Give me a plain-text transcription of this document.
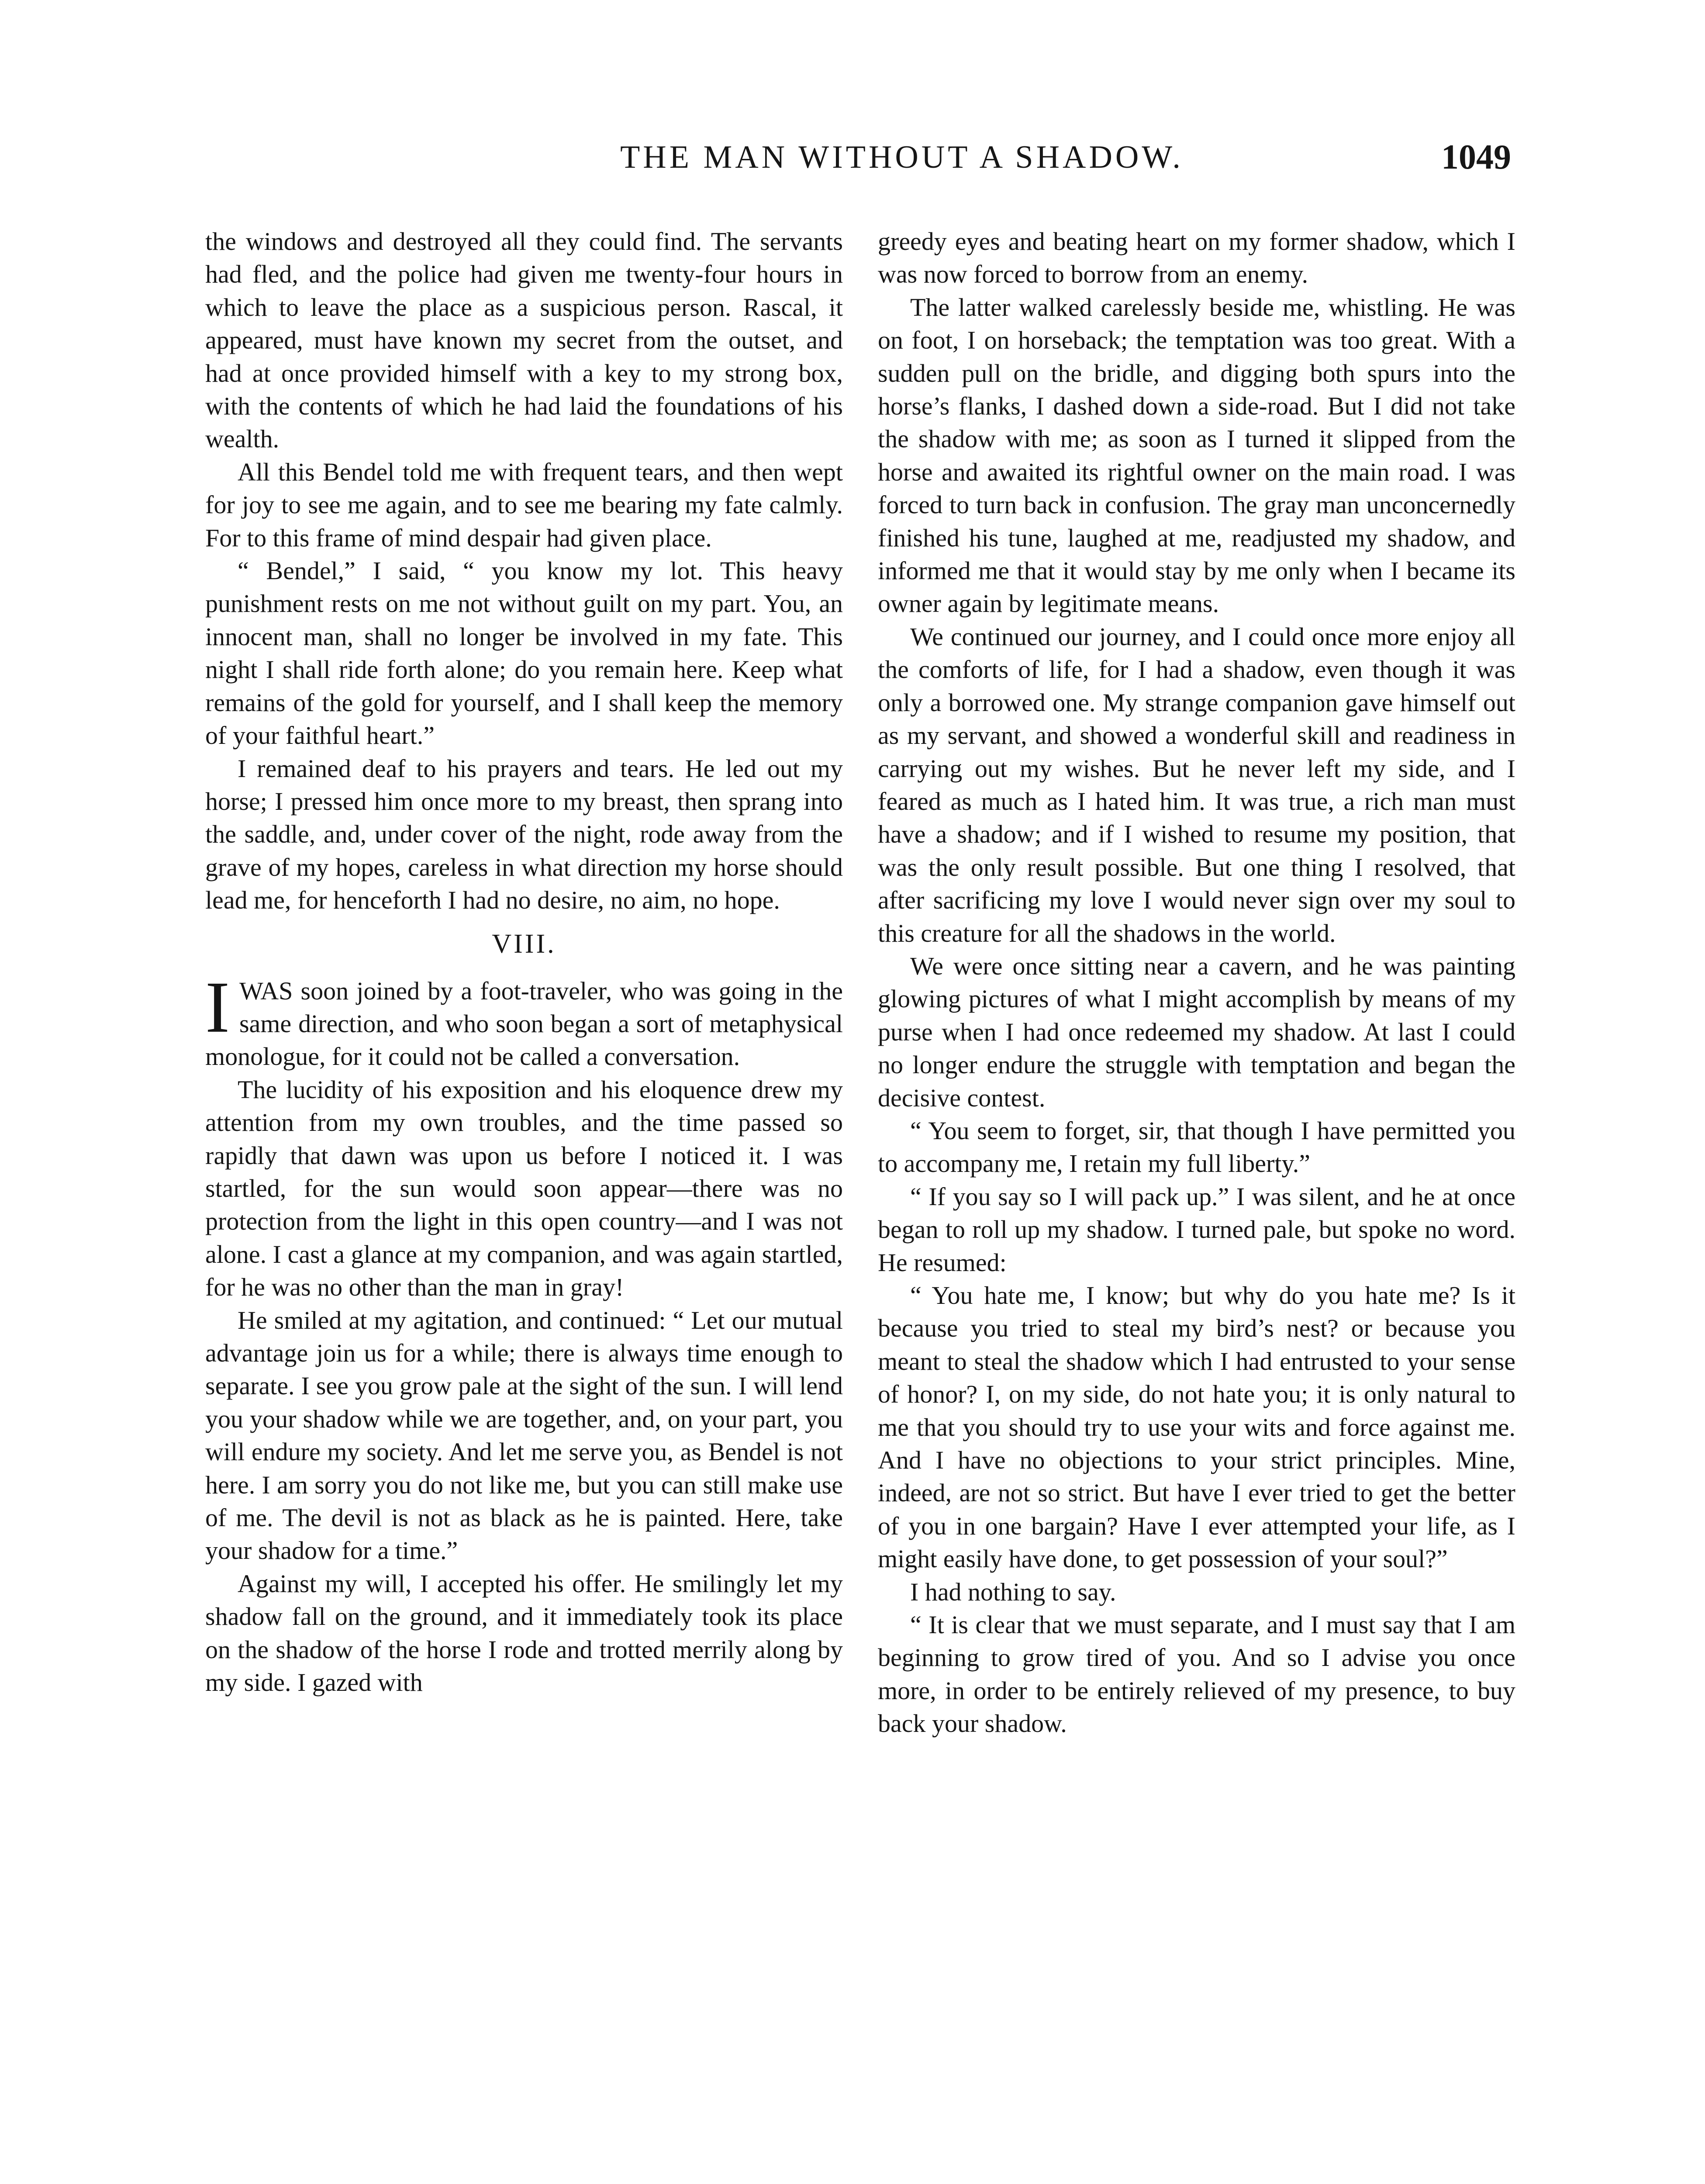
THE MAN WITHOUT A SHADOW.	1049

the windows and destroyed all they could find. The servants had fled, and the police had given me twenty-four hours in which to leave the place as a suspicious person. Rascal, it appeared, must have known my secret from the outset, and had at once provided himself with a key to my strong box, with the contents of which he had laid the foundations of his wealth.

All this Bendel told me with frequent tears, and then wept for joy to see me again, and to see me bearing my fate calmly. For to this frame of mind despair had given place.

“ Bendel,” I said, “ you know my lot. This heavy punishment rests on me not without guilt on my part. You, an innocent man, shall no longer be involved in my fate. This night I shall ride forth alone; do you remain here. Keep what remains of the gold for yourself, and I shall keep the memory of your faithful heart.”

I remained deaf to his prayers and tears. He led out my horse; I pressed him once more to my breast, then sprang into the saddle, and, under cover of the night, rode away from the grave of my hopes, careless in what direction my horse should lead me, for henceforth I had no desire, no aim, no hope.

VIII.

IWAS soon joined by a foot-traveler, who was going in the same direction, and who soon began a sort of metaphysical monologue, for it could not be called a conversation.

The lucidity of his exposition and his eloquence drew my attention from my own troubles, and the time passed so rapidly that dawn was upon us before I noticed it. I was startled, for the sun would soon appear—there was no protection from the light in this open country—and I was not alone. I cast a glance at my companion, and was again startled, for he was no other than the man in gray!

He smiled at my agitation, and continued: “ Let our mutual advantage join us for a while; there is always time enough to separate. I see you grow pale at the sight of the sun. I will lend you your shadow while we are together, and, on your part, you will endure my society. And let me serve you, as Bendel is not here. I am sorry you do not like me, but you can still make use of me. The devil is not as black as he is painted. Here, take your shadow for a time.”

Against my will, I accepted his offer. He smilingly let my shadow fall on the ground, and it immediately took its place on the shadow of the horse I rode and trotted merrily along by my side. I gazed with

greedy eyes and beating heart on my former shadow, which I was now forced to borrow from an enemy.

The latter walked carelessly beside me, whistling. He was on foot, I on horseback; the temptation was too great. With a sudden pull on the bridle, and digging both spurs into the horse’s flanks, I dashed down a side-road. But I did not take the shadow with me; as soon as I turned it slipped from the horse and awaited its rightful owner on the main road. I was forced to turn back in confusion. The gray man unconcernedly finished his tune, laughed at me, readjusted my shadow, and informed me that it would stay by me only when I became its owner again by legitimate means.

We continued our journey, and I could once more enjoy all the comforts of life, for I had a shadow, even though it was only a borrowed one. My strange companion gave himself out as my servant, and showed a wonderful skill and readiness in carrying out my wishes. But he never left my side, and I feared as much as I hated him. It was true, a rich man must have a shadow; and if I wished to resume my position, that was the only result possible. But one thing I resolved, that after sacrificing my love I would never sign over my soul to this creature for all the shadows in the world.

We were once sitting near a cavern, and he was painting glowing pictures of what I might accomplish by means of my purse when I had once redeemed my shadow. At last I could no longer endure the struggle with temptation and began the decisive contest.

“ You seem to forget, sir, that though I have permitted you to accompany me, I retain my full liberty.”

“ If you say so I will pack up.” I was silent, and he at once began to roll up my shadow. I turned pale, but spoke no word. He resumed:

“ You hate me, I know; but why do you hate me? Is it because you tried to steal my bird’s nest? or because you meant to steal the shadow which I had entrusted to your sense of honor? I, on my side, do not hate you; it is only natural to me that you should try to use your wits and force against me. And I have no objections to your strict principles. Mine, indeed, are not so strict. But have I ever tried to get the better of you in one bargain? Have I ever attempted your life, as I might easily have done, to get possession of your soul?”

I had nothing to say.

“ It is clear that we must separate, and I must say that I am beginning to grow tired of you. And so I advise you once more, in order to be entirely relieved of my presence, to buy back your shadow.
